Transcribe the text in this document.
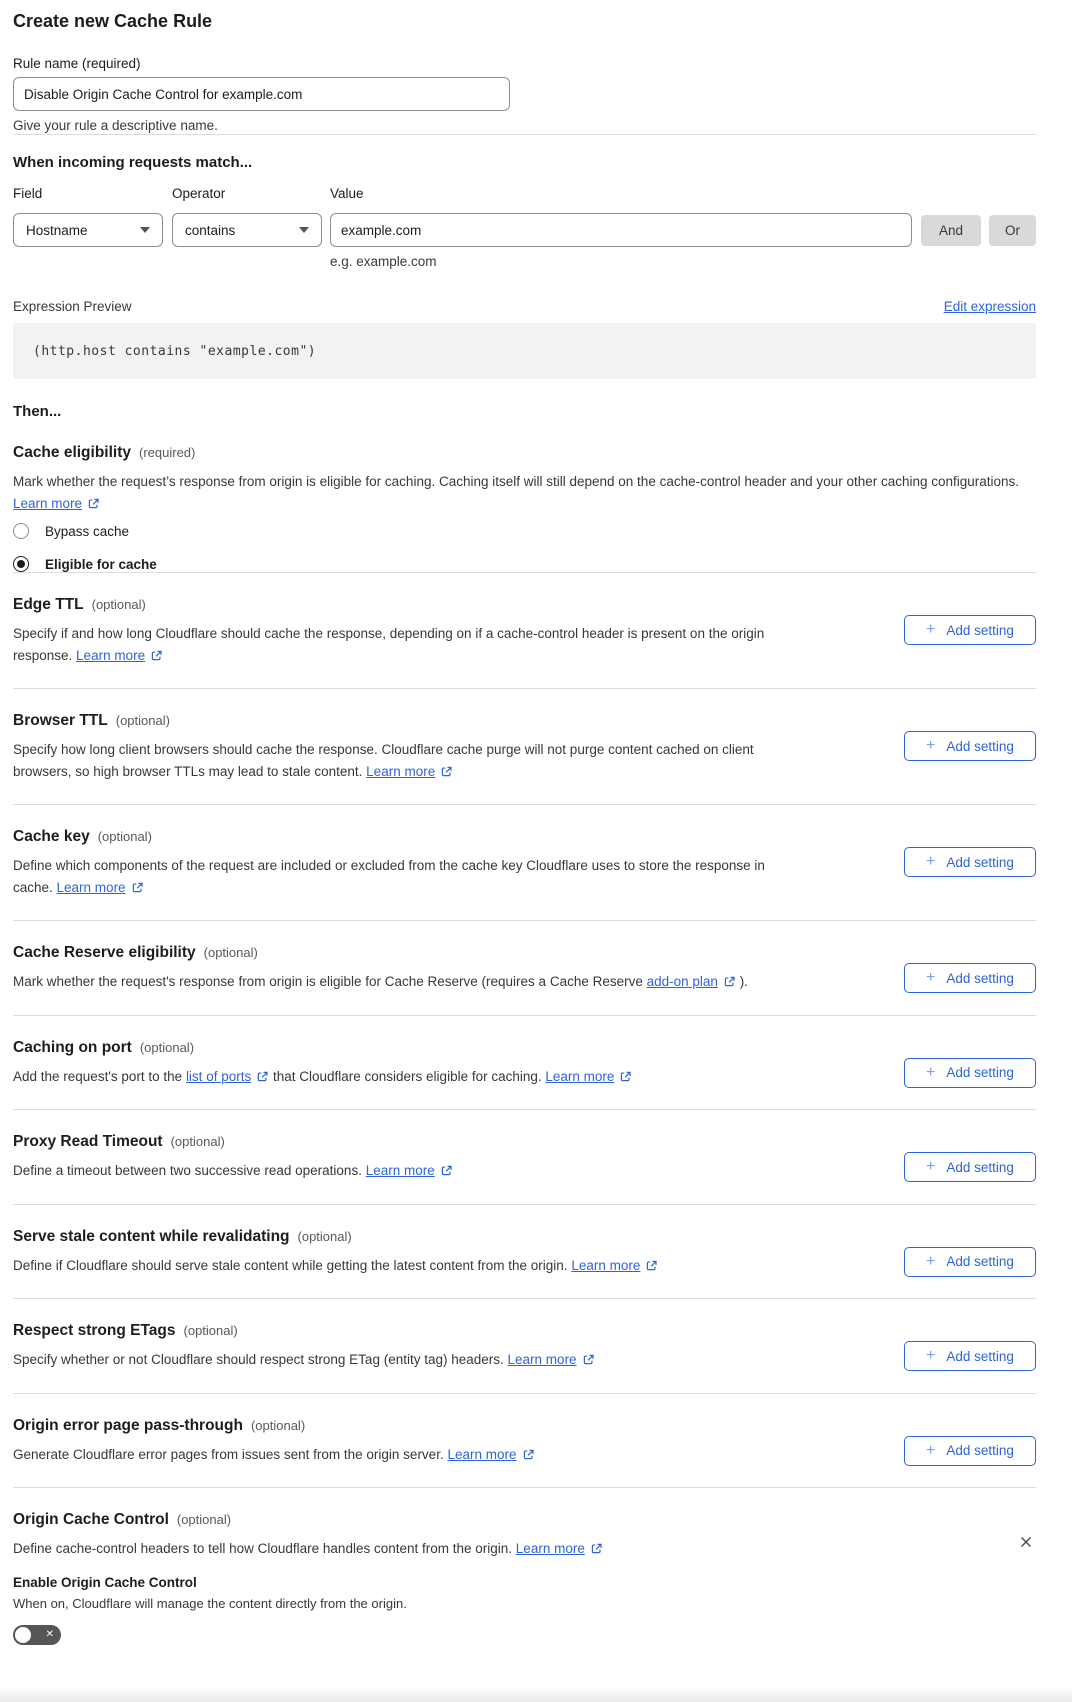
Create new Cache Rule
Rule name (required)
Disable Origin Cache Control for example.com
Give your rule a descriptive name.
When incoming requests match...
Field	Operator	Value
Hostname	contains
example.com	And	Or
e.g. example.com
Expression Preview	Edit expression
(http.host contains "example.com")
Then...
Cache eligibility (required)

Mark whether the request’s response from origin is eligible for caching. Caching itself will still depend on the cache-control header and your other caching configurations. Learn more

Bypass cache
Eligible for cache
Edge TTL (optional)

Specify if and how long Cloudflare should cache the response, depending on if a cache-control header is present on the origin response. Learn more

+ Add setting
Browser TTL (optional)

Specify how long client browsers should cache the response. Cloudflare cache purge will not purge content cached on client browsers, so high browser TTLs may lead to stale content. Learn more

+ Add setting
Cache key (optional)

Define which components of the request are included or excluded from the cache key Cloudflare uses to store the response in cache. Learn more

+ Add setting
Cache Reserve eligibility (optional)

Mark whether the request's response from origin is eligible for Cache Reserve (requires a Cache Reserve add-on plan
).	+ Add setting
Caching on port (optional)

Add the request's port to the list of ports
that Cloudflare considers eligible for caching. Learn more	+ Add setting
Proxy Read Timeout (optional)

Define a timeout between two successive read operations. Learn more	+ Add setting
Serve stale content while revalidating (optional)

Define if Cloudflare should serve stale content while getting the latest content from the origin. Learn more	+ Add setting
Respect strong ETags (optional)

Specify whether or not Cloudflare should respect strong ETag (entity tag) headers. Learn more	+ Add setting
Origin error page pass-through (optional)

Generate Cloudflare error pages from issues sent from the origin server. Learn more	+ Add setting
Origin Cache Control (optional)

Define cache-control headers to tell how Cloudflare handles content from the origin. Learn more

Enable Origin Cache Control
When on, Cloudflare will manage the content directly from the origin.
✕
